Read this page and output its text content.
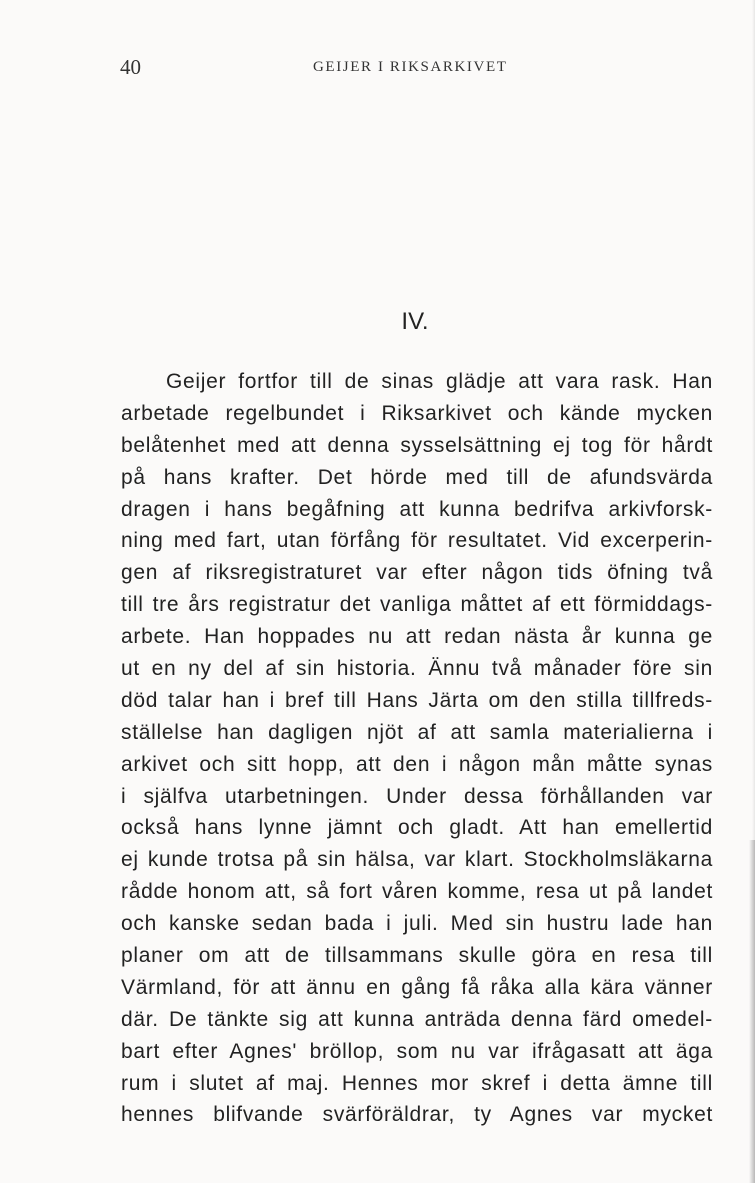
40	GEIJER I RIKSARKIVET
IV.
Geijer fortfor till de sinas glädje att vara rask. Han
arbetade regelbundet i Riksarkivet och kände mycken
belåtenhet med att denna sysselsättning ej tog för hårdt
på hans krafter. Det hörde med till de afundsvärda
dragen i hans begåfning att kunna bedrifva arkivforsk-
ning med fart, utan förfång för resultatet. Vid excerperin-
gen af riksregistraturet var efter någon tids öfning två
till tre års registratur det vanliga måttet af ett förmiddags-
arbete. Han hoppades nu att redan nästa år kunna ge
ut en ny del af sin historia. Ännu två månader före sin
död talar han i bref till Hans Järta om den stilla tillfreds-
ställelse han dagligen njöt af att samla materialierna i
arkivet och sitt hopp, att den i någon mån måtte synas
i själfva utarbetningen. Under dessa förhållanden var
också hans lynne jämnt och gladt. Att han emellertid
ej kunde trotsa på sin hälsa, var klart. Stockholmsläkarna
rådde honom att, så fort våren komme, resa ut på landet
och kanske sedan bada i juli. Med sin hustru lade han
planer om att de tillsammans skulle göra en resa till
Värmland, för att ännu en gång få råka alla kära vänner
där. De tänkte sig att kunna anträda denna färd omedel-
bart efter Agnes' bröllop, som nu var ifrågasatt att äga
rum i slutet af maj. Hennes mor skref i detta ämne till
hennes blifvande svärföräldrar, ty Agnes var mycket
